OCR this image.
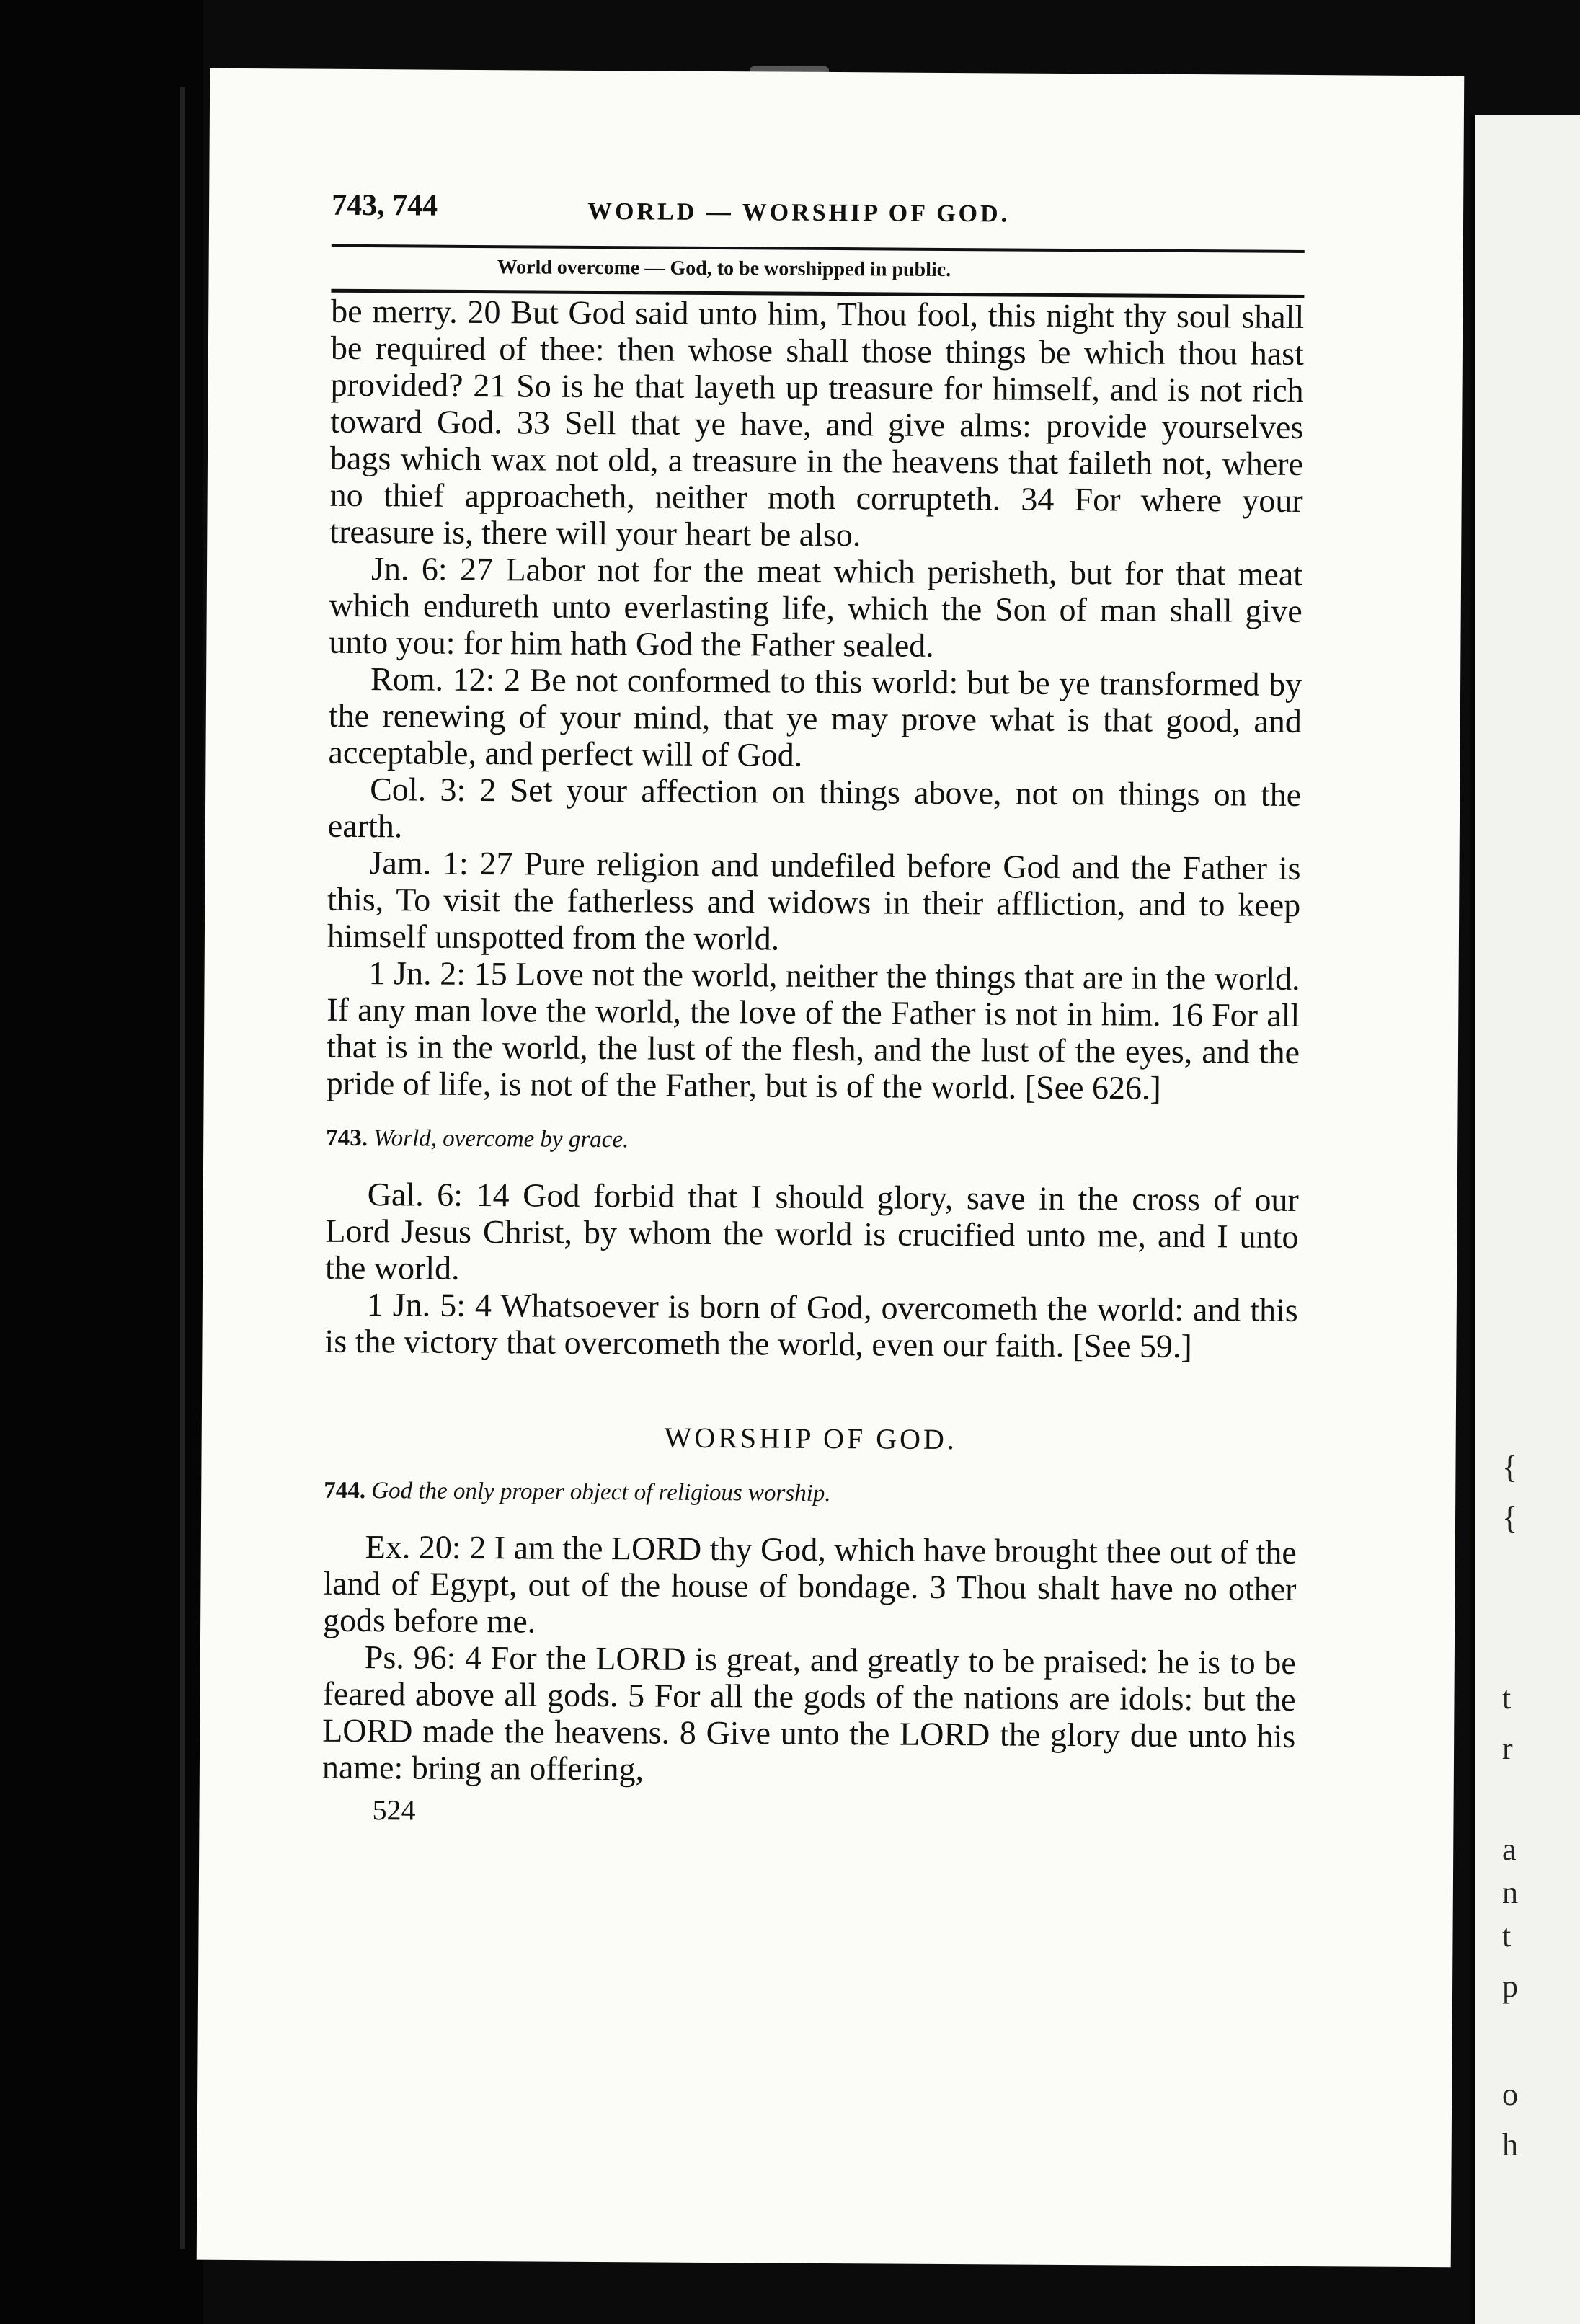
743, 744	WORLD — WORSHIP OF GOD.
World overcome — God, to be worshipped in public.

be merry. 20 But God said unto him, Thou fool, this night thy soul shall be required of thee: then whose shall those things be which thou hast provided? 21 So is he that layeth up treasure for himself, and is not rich toward God. 33 Sell that ye have, and give alms: provide yourselves bags which wax not old, a treasure in the heavens that faileth not, where no thief approacheth, neither moth corrupteth. 34 For where your treasure is, there will your heart be also.

Jn. 6: 27 Labor not for the meat which perisheth, but for that meat which endureth unto everlasting life, which the Son of man shall give unto you: for him hath God the Father sealed.

Rom. 12: 2 Be not conformed to this world: but be ye transformed by the renewing of your mind, that ye may prove what is that good, and acceptable, and perfect will of God.

Col. 3: 2 Set your affection on things above, not on things on the earth.

Jam. 1: 27 Pure religion and undefiled before God and the Father is this, To visit the fatherless and widows in their affliction, and to keep himself unspotted from the world.

1 Jn. 2: 15 Love not the world, neither the things that are in the world. If any man love the world, the love of the Father is not in him. 16 For all that is in the world, the lust of the flesh, and the lust of the eyes, and the pride of life, is not of the Father, but is of the world. [See 626.]

743. World, overcome by grace.

Gal. 6: 14 God forbid that I should glory, save in the cross of our Lord Jesus Christ, by whom the world is crucified unto me, and I unto the world.

1 Jn. 5: 4 Whatsoever is born of God, overcometh the world: and this is the victory that overcometh the world, even our faith. [See 59.]

WORSHIP OF GOD.
744. God the only proper object of religious worship.

Ex. 20: 2 I am the LORD thy God, which have brought thee out of the land of Egypt, out of the house of bondage. 3 Thou shalt have no other gods before me.

Ps. 96: 4 For the LORD is great, and greatly to be praised: he is to be feared above all gods. 5 For all the gods of the nations are idols: but the LORD made the heavens. 8 Give unto the LORD the glory due unto his name: bring an offering,

524
{
{
t
r
a
n
t
p
o
h
